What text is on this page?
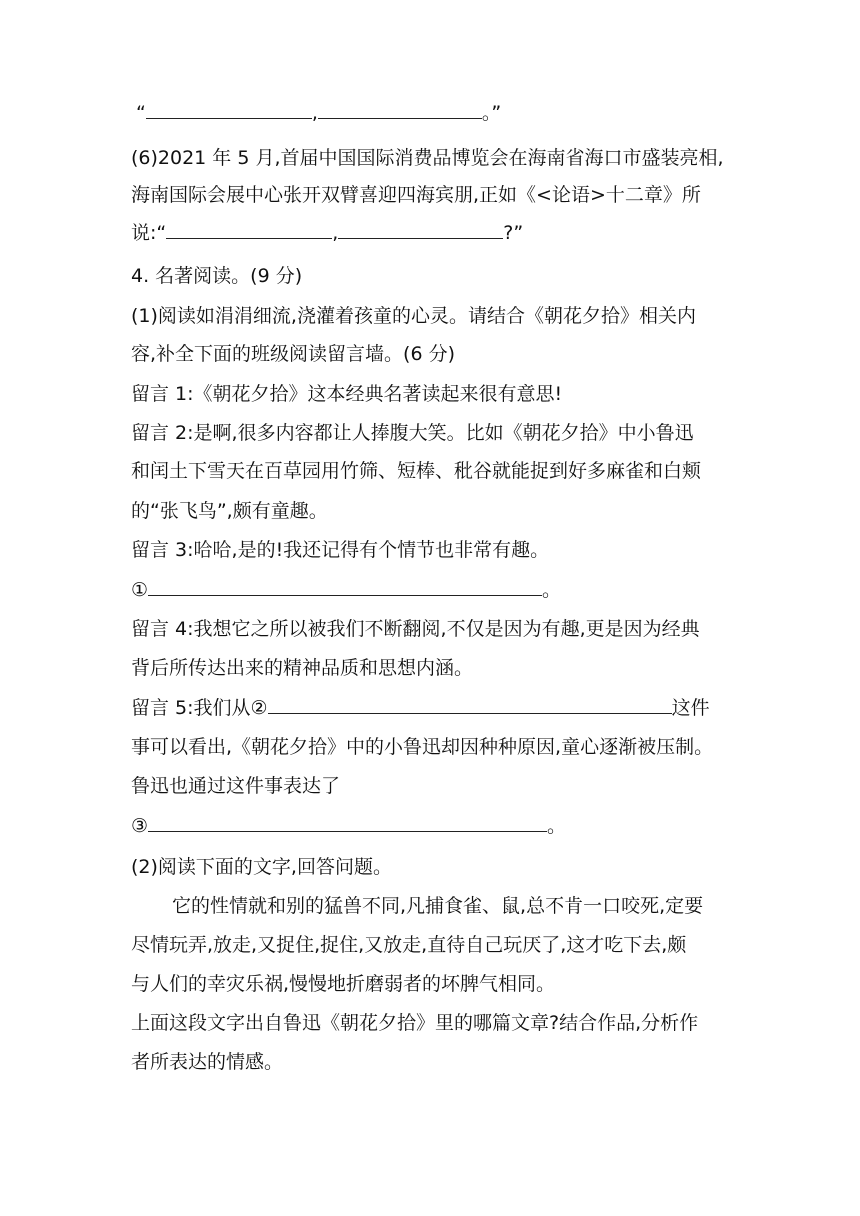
“	,	。”
(6)2021 年 5 月,首届中国国际消费品博览会在海南省海口市盛装亮相,
海南国际会展中心张开双臂喜迎四海宾朋,正如《<论语>十二章》所
说:“	,	?”
4. 名著阅读。(9 分)
(1)阅读如涓涓细流,浇灌着孩童的心灵。请结合《朝花夕拾》相关内
容,补全下面的班级阅读留言墙。(6 分)
留言 1:《朝花夕拾》这本经典名著读起来很有意思!
留言 2:是啊,很多内容都让人捧腹大笑。比如《朝花夕拾》中小鲁迅
和闰土下雪天在百草园用竹筛、短棒、秕谷就能捉到好多麻雀和白颊
的“张飞鸟”,颇有童趣。
留言 3:哈哈,是的!我还记得有个情节也非常有趣。
①	。
留言 4:我想它之所以被我们不断翻阅,不仅是因为有趣,更是因为经典
背后所传达出来的精神品质和思想内涵。
留言 5:我们从②	这件
事可以看出,《朝花夕拾》中的小鲁迅却因种种原因,童心逐渐被压制。
鲁迅也通过这件事表达了
③	。
(2)阅读下面的文字,回答问题。
它的性情就和别的猛兽不同,凡捕食雀、鼠,总不肯一口咬死,定要
尽情玩弄,放走,又捉住,捉住,又放走,直待自己玩厌了,这才吃下去,颇
与人们的幸灾乐祸,慢慢地折磨弱者的坏脾气相同。
上面这段文字出自鲁迅《朝花夕拾》里的哪篇文章?结合作品,分析作
者所表达的情感。
